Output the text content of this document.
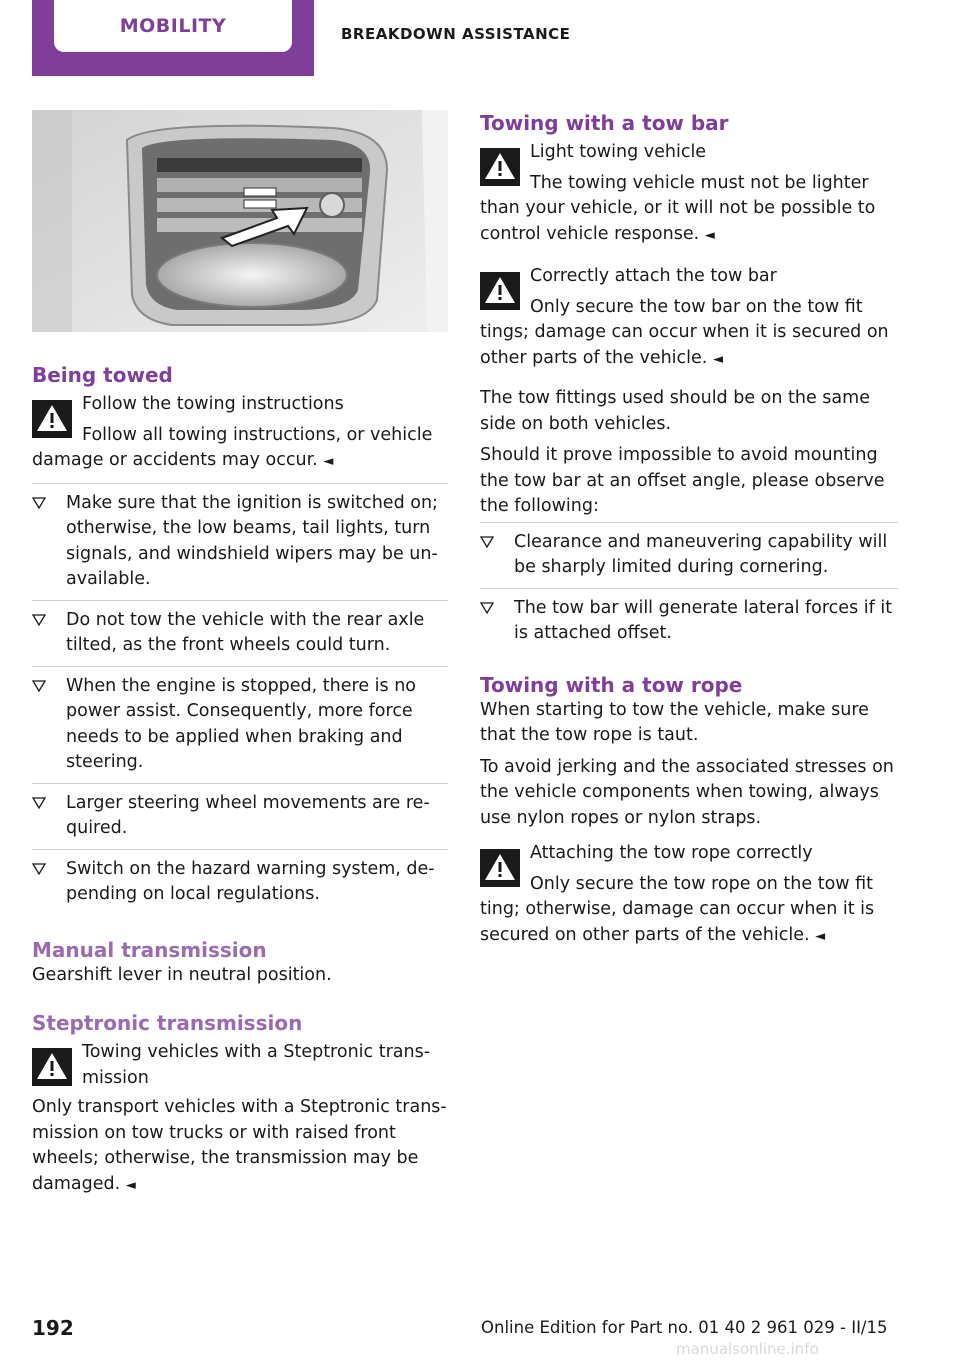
MOBILITY	BREAKDOWN ASSISTANCE
Being towed
Follow the towing instructions
Follow all towing instructions, or vehicle
damage or accidents may occur. ◄
Make sure that the ignition is switched on; otherwise, the low beams, tail lights, turn signals, and windshield wipers may be unavailable.
Do not tow the vehicle with the rear axle tilted, as the front wheels could turn.
When the engine is stopped, there is no power assist. Consequently, more force needs to be applied when braking and steering.
Larger steering wheel movements are required.
Switch on the hazard warning system, depending on local regulations.
Manual transmission

Gearshift lever in neutral position.

Steptronic transmission
Towing vehicles with a Steptronic transmission
Only transport vehicles with a Steptronic transmission on tow trucks or with raised front wheels; otherwise, the transmission may be damaged. ◄
Towing with a tow bar
Light towing vehicle
The towing vehicle must not be lighter
than your vehicle, or it will not be possible to control vehicle response. ◄
Correctly attach the tow bar
Only secure the tow bar on the tow fit
tings; damage can occur when it is secured on other parts of the vehicle. ◄

The tow fittings used should be on the same side on both vehicles.

Should it prove impossible to avoid mounting the tow bar at an offset angle, please observe the following:

Clearance and maneuvering capability will be sharply limited during cornering.
The tow bar will generate lateral forces if it is attached offset.
Towing with a tow rope

When starting to tow the vehicle, make sure that the tow rope is taut.

To avoid jerking and the associated stresses on the vehicle components when towing, always use nylon ropes or nylon straps.

Attaching the tow rope correctly
Only secure the tow rope on the tow fit
ting; otherwise, damage can occur when it is secured on other parts of the vehicle. ◄
192	Online Edition for Part no. 01 40 2 961 029 - II/15
manualsonline.info
